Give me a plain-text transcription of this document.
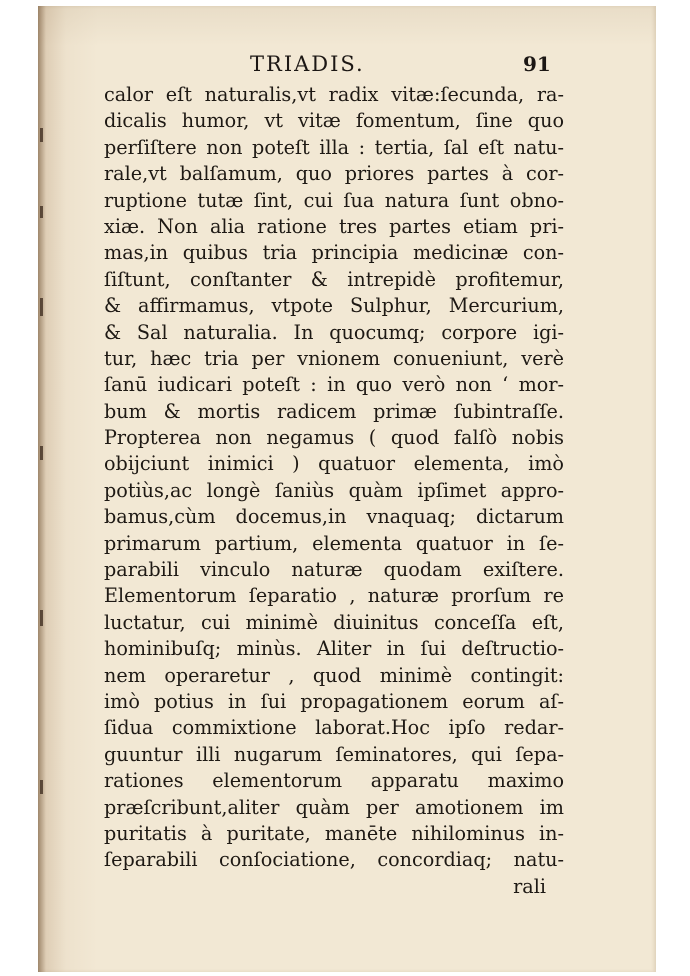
TRIADIS.	91
calor eſt naturalis,vt radix vitæ:ſecunda, ra-
dicalis humor, vt vitæ fomentum, ſine quo
perſiſtere non poteſt illa : tertia, ſal eſt natu-
rale,vt balſamum, quo priores partes à cor-
ruptione tutæ ſint, cui ſua natura ſunt obno-
xiæ. Non alia ratione tres partes etiam pri-
mas,in quibus tria principia medicinæ con-
ſiſtunt, conſtanter & intrepidè profitemur,
& affirmamus, vtpote Sulphur, Mercurium,
& Sal naturalia. In quocumq; corpore igi-
tur, hæc tria per vnionem conueniunt, verè
ſanū iudicari poteſt : in quo verò non ‘ mor-
bum & mortis radicem primæ ſubintraſſe.
Propterea non negamus ( quod falſò nobis
obijciunt inimici ) quatuor elementa, imò
potiùs,ac longè ſaniùs quàm ipſimet appro-
bamus,cùm docemus,in vnaquaq; dictarum
primarum partium, elementa quatuor in ſe-
parabili vinculo naturæ quodam exiſtere.
Elementorum ſeparatio , naturæ prorſum re
luctatur, cui minimè diuinitus conceſſa eſt,
hominibuſq; minùs. Aliter in ſui deſtructio-
nem operaretur , quod minimè contingit:
imò potius in ſui propagationem eorum aſ-
ſidua commixtione laborat.Hoc ipſo redar-
guuntur illi nugarum ſeminatores, qui ſepa-
rationes elementorum apparatu maximo
præſcribunt,aliter quàm per amotionem im
puritatis à puritate, manēte nihilominus in-
ſeparabili conſociatione, concordiaq; natu-
rali
